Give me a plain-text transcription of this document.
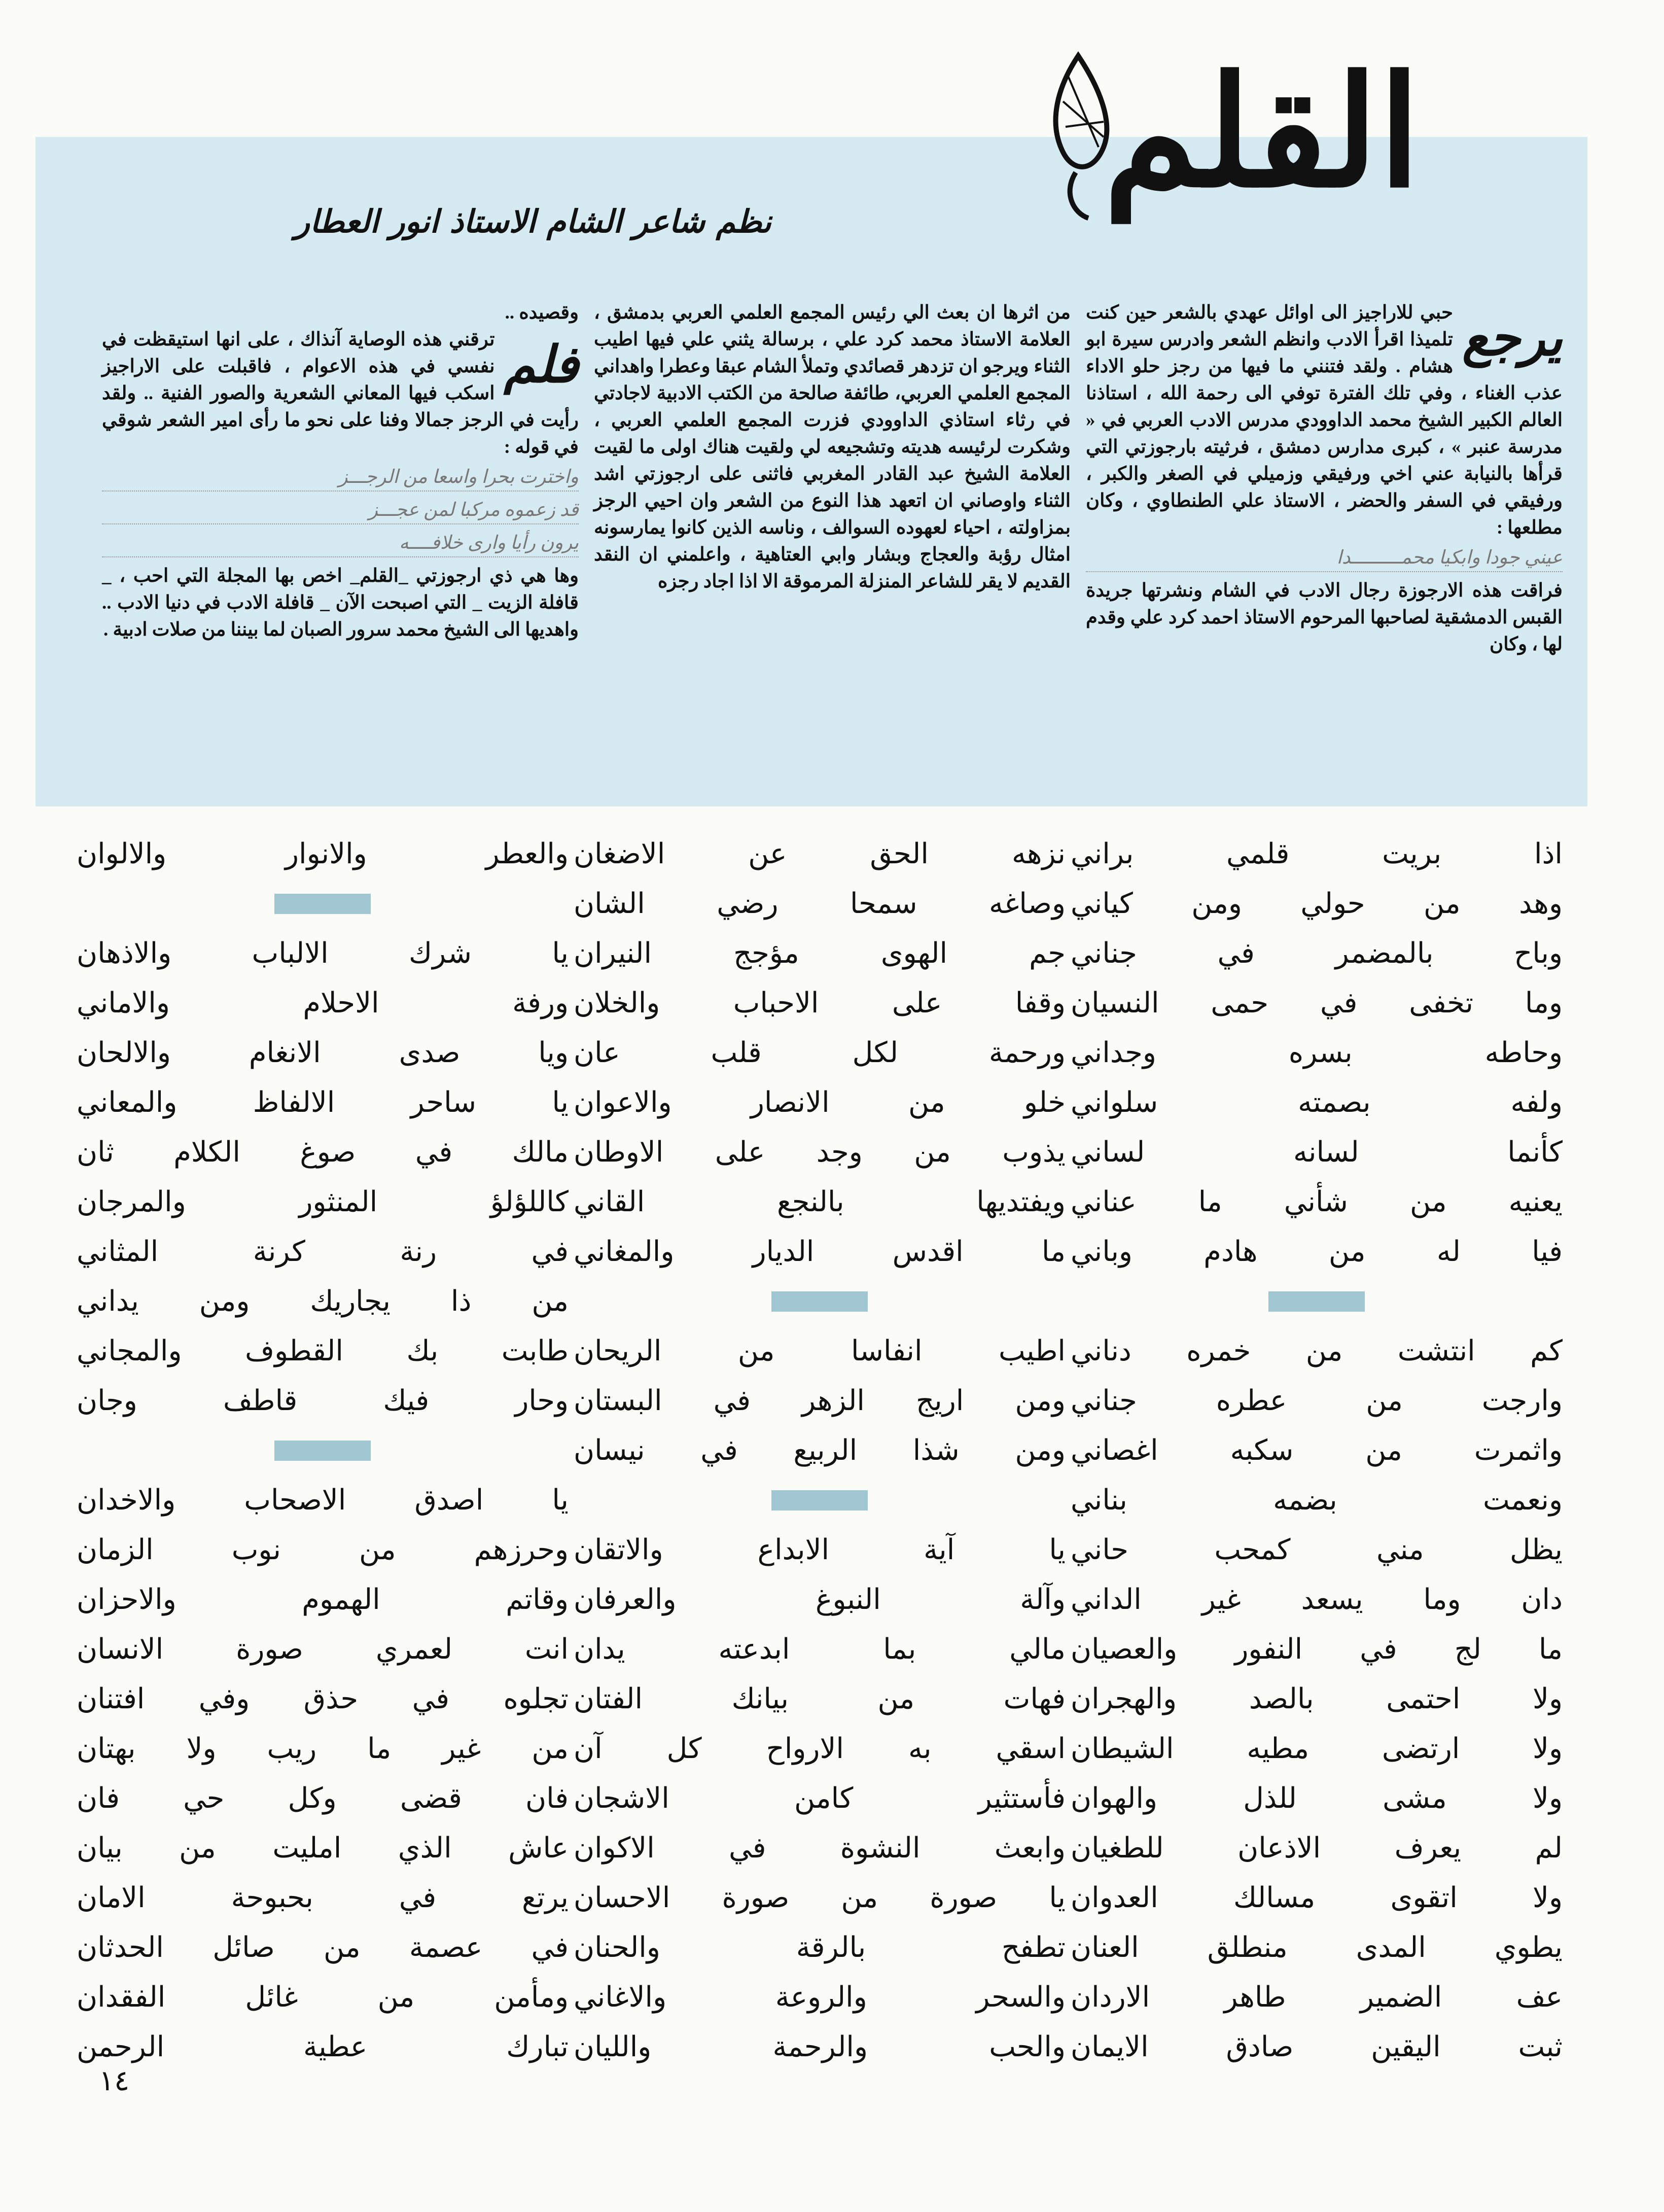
القلم
نظم شاعر الشام الاستاذ انور العطار
يرجع

حبي للاراجيز الى اوائل عهدي بالشعر حين كنت تلميذا اقرأ الادب وانظم الشعر وادرس سيرة ابو هشام . ولقد فتنني ما فيها من رجز حلو الاداء عذب الغناء ، وفي تلك الفترة توفي الى رحمة الله ، استاذنا العالم الكبير الشيخ محمد الداوودي مدرس الادب العربي في « مدرسة عنبر » ، كبرى مدارس دمشق ، فرثيته بارجوزتي التي قرأها بالنيابة عني اخي ورفيقي وزميلي في الصغر والكبر ، ورفيقي في السفر والحضر ، الاستاذ علي الطنطاوي ، وكان مطلعها :

عيني جودا وابكيا محمـــــــــدا

فراقت هذه الارجوزة رجال الادب في الشام ونشرتها جريدة القبس الدمشقية لصاحبها المرحوم الاستاذ احمد كرد علي وقدم لها ، وكان

من اثرها ان بعث الي رئيس المجمع العلمي العربي بدمشق ، العلامة الاستاذ محمد كرد علي ، برسالة يثني علي فيها اطيب الثناء ويرجو ان تزدهر قصائدي وتملأ الشام عبقا وعطرا واهداني المجمع العلمي العربي، طائفة صالحة من الكتب الادبية لاجادتي في رثاء استاذي الداوودي فزرت المجمع العلمي العربي ، وشكرت لرئيسه هديته وتشجيعه لي ولقيت هناك اولى ما لقيت العلامة الشيخ عبد القادر المغربي فاثنى على ارجوزتي اشد الثناء واوصاني ان اتعهد هذا النوع من الشعر وان احيي الرجز بمزاولته ، احياء لعهوده السوالف ، وناسه الذين كانوا يمارسونه امثال رؤبة والعجاج وبشار وابي العتاهية ، واعلمني ان النقد القديم لا يقر للشاعر المنزلة المرموقة الا اذا اجاد رجزه

وقصيده ..

فلم

ترقني هذه الوصاية آنذاك ، على انها استيقظت في نفسي في هذه الاعوام ، فاقبلت على الاراجيز اسكب فيها المعاني الشعرية والصور الفنية .. ولقد رأيت في الرجز جمالا وفنا على نحو ما رأى امير الشعر شوقي في قوله :

واخترت بحرا واسعا من الرجـــز

قد زعموه مركبا لمن عجـــز

يرون رأيا وارى خلافــــه

وها هي ذي ارجوزتي _القلم_ اخص بها المجلة التي احب ، _ قافلة الزيت _ التي اصبحت الآن _ قافلة الادب في دنيا الادب .. واهديها الى الشيخ محمد سرور الصبان لما بيننا من صلات ادبية .

اذا بريت قلمي براني
وهد من حولي ومن كياني
وباح بالمضمر في جناني
وما تخفى في حمى النسيان
وحاطه بسره وجداني
ولفه بصمته سلواني
كأنما لسانه لساني
يعنيه من شأني ما عناني
فيا له من هادم وباني
كم انتشت من خمره دناني
وارجت من عطره جناني
واثمرت من سكبه اغصاني
ونعمت بضمه بناني
يظل مني كمحب حاني
دان وما يسعد غير الداني
ما لج في النفور والعصيان
ولا احتمى بالصد والهجران
ولا ارتضى مطيه الشيطان
ولا مشى للذل والهوان
لم يعرف الاذعان للطغيان
ولا اتقوى مسالك العدوان
يطوي المدى منطلق العنان
عف الضمير طاهر الاردان
ثبت اليقين صادق الايمان
نزهه الحق عن الاضغان
وصاغه سمحا رضي الشان
جم الهوى مؤجج النيران
وقفا على الاحباب والخلان
ورحمة لكل قلب عان
خلو من الانصار والاعوان
يذوب من وجد على الاوطان
ويفتديها بالنجع القاني
ما اقدس الديار والمغاني
اطيب انفاسا من الريحان
ومن اريج الزهر في البستان
ومن شذا الربيع في نيسان
يا آية الابداع والاتقان
وآلة النبوغ والعرفان
مالي بما ابدعته يدان
فهات من بيانك الفتان
اسقي به الارواح كل آن
فأستثير كامن الاشجان
وابعث النشوة في الاكوان
يا صورة من صورة الاحسان
تطفح بالرقة والحنان
والسحر والروعة والاغاني
والحب والرحمة والليان
والعطر والانوار والالوان
يا شرك الالباب والاذهان
ورفة الاحلام والاماني
ويا صدى الانغام والالحان
يا ساحر الالفاظ والمعاني
مالك في صوغ الكلام ثان
كاللؤلؤ المنثور والمرجان
في رنة كرنة المثاني
من ذا يجاريك ومن يداني
طابت بك القطوف والمجاني
وحار فيك قاطف وجان
يا اصدق الاصحاب والاخدان
وحرزهم من نوب الزمان
وقاتم الهموم والاحزان
انت لعمري صورة الانسان
تجلوه في حذق وفي افتنان
من غير ما ريب ولا بهتان
فان قضى وكل حي فان
عاش الذي امليت من بيان
يرتع في بحبوحة الامان
في عصمة من صائل الحدثان
ومأمن من غائل الفقدان
تبارك عطية الرحمن
١٤
